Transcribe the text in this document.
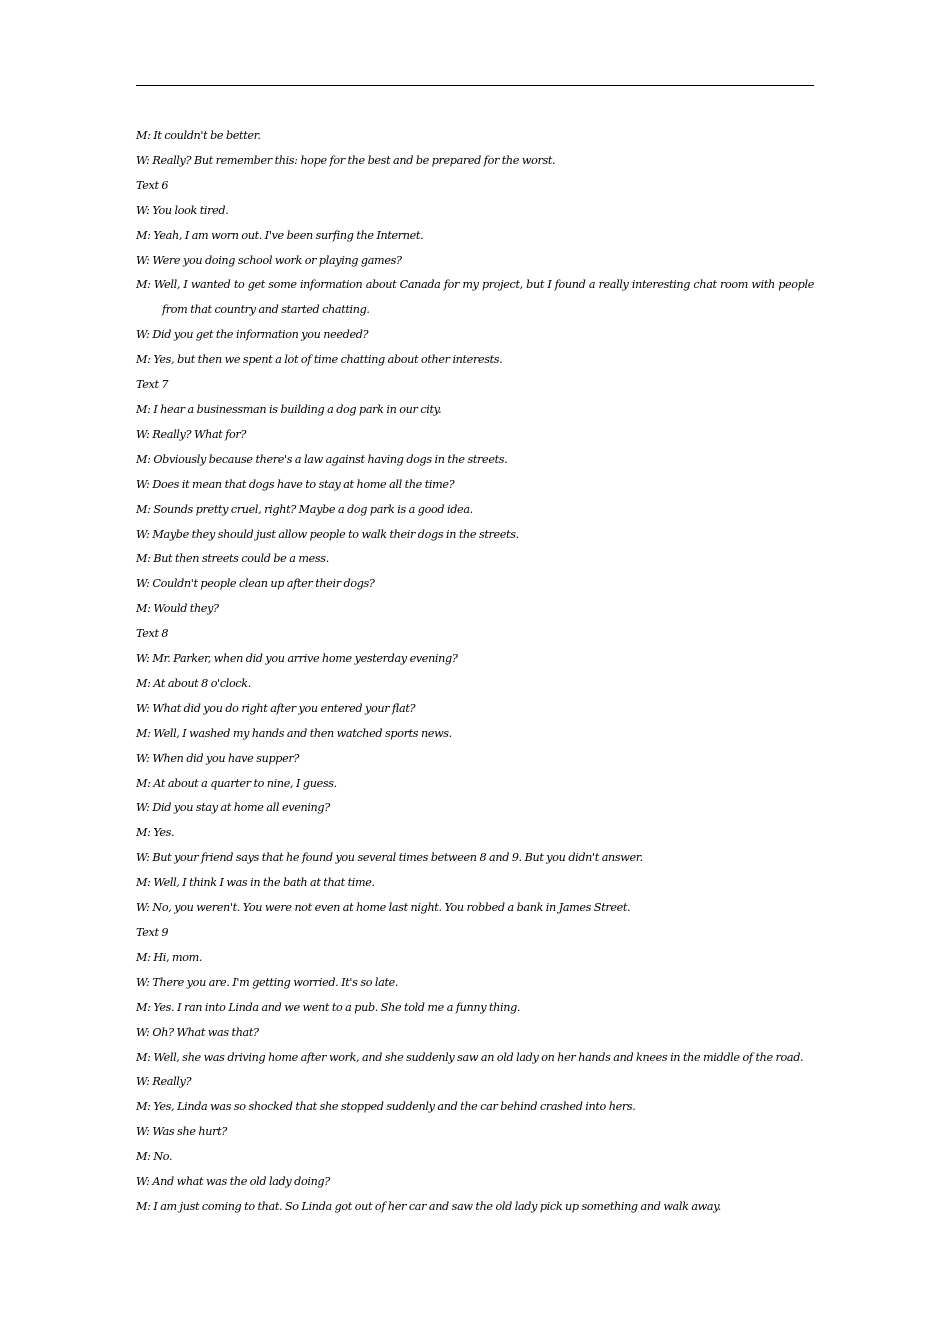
M: It couldn't be better.
W: Really? But remember this: hope for the best and be prepared for the worst.
Text 6
W: You look tired.
M: Yeah, I am worn out. I've been surfing the Internet.
W: Were you doing school work or playing games?
M: Well, I wanted to get some information about Canada for my project, but I found a really interesting chat room with people from that country and started chatting.
W: Did you get the information you needed?
M: Yes, but then we spent a lot of time chatting about other interests.
Text 7
M: I hear a businessman is building a dog park in our city.
W: Really? What for?
M: Obviously because there's a law against having dogs in the streets.
W: Does it mean that dogs have to stay at home all the time?
M: Sounds pretty cruel, right? Maybe a dog park is a good idea.
W: Maybe they should just allow people to walk their dogs in the streets.
M: But then streets could be a mess.
W: Couldn't people clean up after their dogs?
M: Would they?
Text 8
W: Mr. Parker, when did you arrive home yesterday evening?
M: At about 8 o'clock.
W: What did you do right after you entered your flat?
M: Well, I washed my hands and then watched sports news.
W: When did you have supper?
M: At about a quarter to nine, I guess.
W: Did you stay at home all evening?
M: Yes.
W: But your friend says that he found you several times between 8 and 9. But you didn't answer.
M: Well, I think I was in the bath at that time.
W: No, you weren't. You were not even at home last night. You robbed a bank in James Street.
Text 9
M: Hi, mom.
W: There you are. I'm getting worried. It's so late.
M: Yes. I ran into Linda and we went to a pub. She told me a funny thing.
W: Oh? What was that?
M: Well, she was driving home after work, and she suddenly saw an old lady on her hands and knees in the middle of the road.
W: Really?
M: Yes, Linda was so shocked that she stopped suddenly and the car behind crashed into hers.
W: Was she hurt?
M: No.
W: And what was the old lady doing?
M: I am just coming to that. So Linda got out of her car and saw the old lady pick up something and walk away.
